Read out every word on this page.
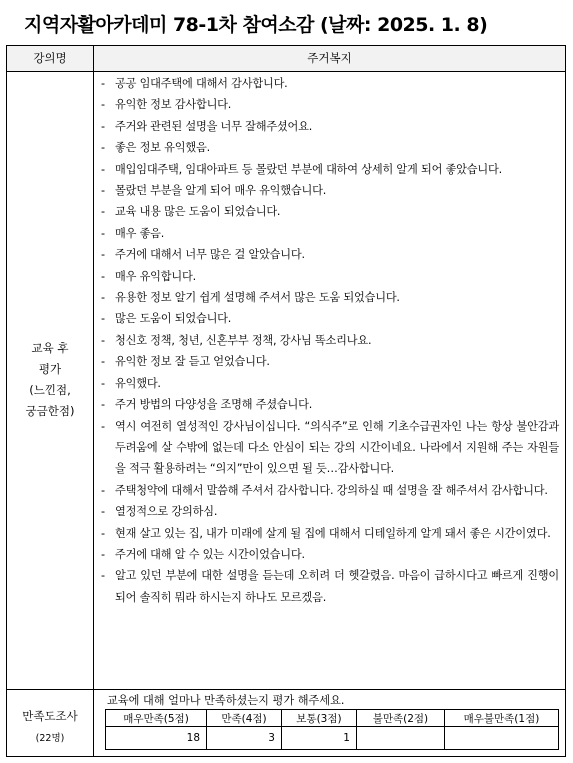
지역자활아카데미 78-1차 참여소감 (날짜: 2025. 1. 8)
강의명	주거복지
교육 후
평가
(느낀점,
궁금한점)
- 공공 임대주택에 대해서 감사합니다.
- 유익한 정보 감사합니다.
- 주거와 관련된 설명을 너무 잘해주셨어요.
- 좋은 정보 유익했음.
- 매입임대주택, 임대아파트 등 몰랐던 부분에 대하여 상세히 알게 되어 좋았습니다.
- 몰랐던 부분을 알게 되어 매우 유익했습니다.
- 교육 내용 많은 도움이 되었습니다.
- 매우 좋음.
- 주거에 대해서 너무 많은 걸 알았습니다.
- 매우 유익합니다.
- 유용한 정보 알기 쉽게 설명해 주셔서 많은 도움 되었습니다.
- 많은 도움이 되었습니다.
- 청신호 정책, 청년, 신혼부부 정책, 강사님 똑소리나요.
- 유익한 정보 잘 듣고 얻었습니다.
- 유익했다.
- 주거 방법의 다양성을 조명해 주셨습니다.
- 역시 여전히 열성적인 강사님이십니다. “의식주”로 인해 기초수급권자인 나는 항상 불안감과 두려움에 살 수밖에 없는데 다소 안심이 되는 강의 시간이네요. 나라에서 지원해 주는 자원들을 적극 활용하려는 “의지”만이 있으면 될 듯…감사합니다.
- 주택청약에 대해서 말씀해 주셔서 감사합니다. 강의하실 때 설명을 잘 해주셔서 감사합니다.
- 열정적으로 강의하심.
- 현재 살고 있는 집, 내가 미래에 살게 될 집에 대해서 디테일하게 알게 돼서 좋은 시간이였다.
- 주거에 대해 알 수 있는 시간이었습니다.
- 알고 있던 부분에 대한 설명을 듣는데 오히려 더 헷갈렸음. 마음이 급하시다고 빠르게 진행이 되어 솔직히 뭐라 하시는지 하나도 모르겠음.
만족도조사
(22명)
교육에 대해 얼마나 만족하셨는지 평가 해주세요.
매우만족(5점)	만족(4점)	보통(3점)	불만족(2점)	매우불만족(1점)
18	3	1		
